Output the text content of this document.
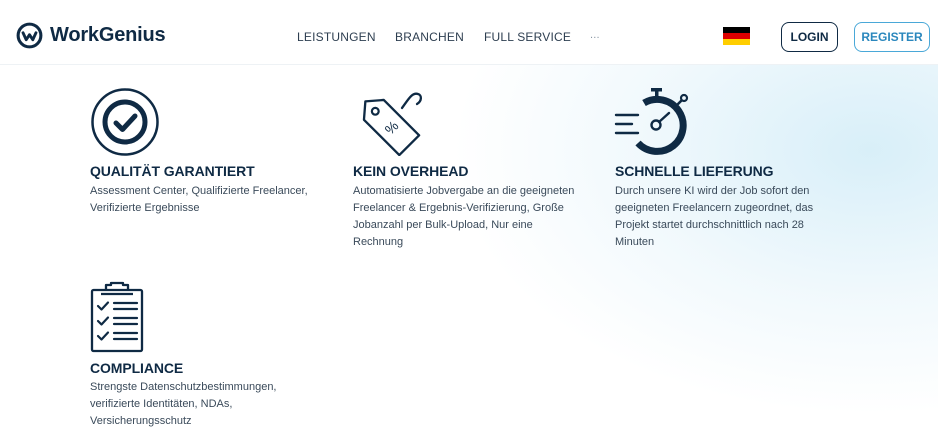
WorkGenius	LEISTUNGEN BRANCHEN FULL SERVICE ...	LOGIN	REGISTER
QUALITÄT GARANTIERT
Assessment Center, Qualifizierte Freelancer,
Verifizierte Ergebnisse
%
KEIN OVERHEAD
Automatisierte Jobvergabe an die geeigneten
Freelancer & Ergebnis-Verifizierung, Große
Jobanzahl per Bulk-Upload, Nur eine
Rechnung
SCHNELLE LIEFERUNG
Durch unsere KI wird der Job sofort den
geeigneten Freelancern zugeordnet, das
Projekt startet durchschnittlich nach 28
Minuten
COMPLIANCE
Strengste Datenschutzbestimmungen,
verifizierte Identitäten, NDAs,
Versicherungsschutz
